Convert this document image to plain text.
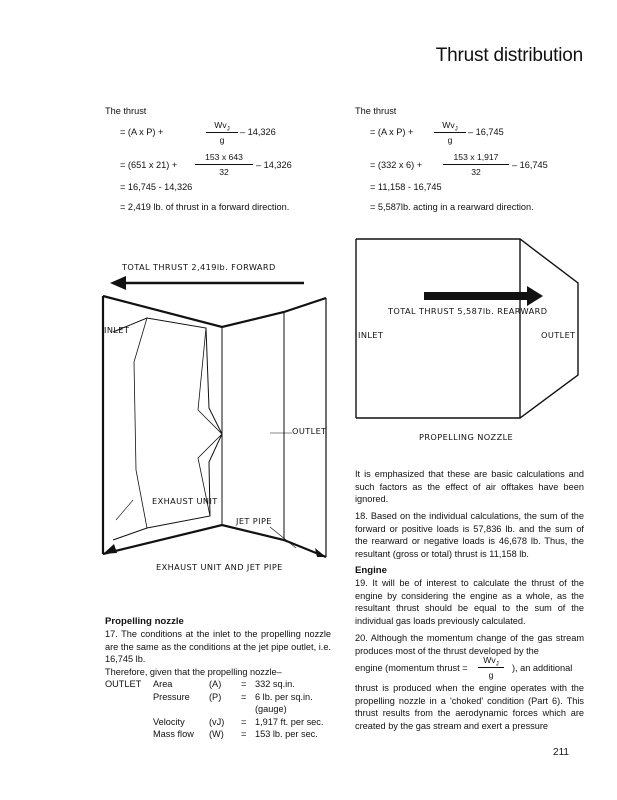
Thrust distribution
The thrust
= (A x P) +
$Wv_J$
g
– 14,326
= (651 x 21) +
153 x 643
32
– 14,326
= 16,745 - 14,326
= 2,419 lb. of thrust in a forward direction.
The thrust
= (A x P) +
$Wv_J$
g
– 16,745
= (332 x 6) +
153 x 1,917
32
– 16,745
= 11,158 - 16,745
= 5,587lb. acting in a rearward direction.
TOTAL THRUST 2,419lb. FORWARD
INLET
OUTLET
EXHAUST UNIT
JET PIPE
EXHAUST UNIT AND JET PIPE
TOTAL THRUST 5,587lb. REARWARD
INLET	OUTLET
PROPELLING NOZZLE
Propelling nozzle
17. The conditions at the inlet to the propelling nozzle are the same as the conditions at the jet pipe outlet, i.e. 16,745 lb.
Therefore, given that the propelling nozzle–
OUTLET	Area	(A)	=	332 sq.in.
	Pressure	(P)	=	6 lb. per sq.in.
				(gauge)
	Velocity	(vJ)	=	1,917 ft. per sec.
	Mass flow	(W)	=	153 lb. per sec.
It is emphasized that these are basic calculations and such factors as the effect of air offtakes have been ignored.
18. Based on the individual calculations, the sum of the forward or positive loads is 57,836 lb. and the sum of the rearward or negative loads is 46,678 lb. Thus, the resultant (gross or total) thrust is 11,158 lb.
Engine
19. It will be of interest to calculate the thrust of the engine by considering the engine as a whole, as the resultant thrust should be equal to the sum of the individual gas loads previously calculated.
20. Although the momentum change of the gas stream produces most of the thrust developed by the
engine (momentum thrust =
$Wv_J$
g
), an additional
thrust is produced when the engine operates with the propelling nozzle in a 'choked' condition (Part 6). This thrust results from the aerodynamic forces which are created by the gas stream and exert a pressure
211
